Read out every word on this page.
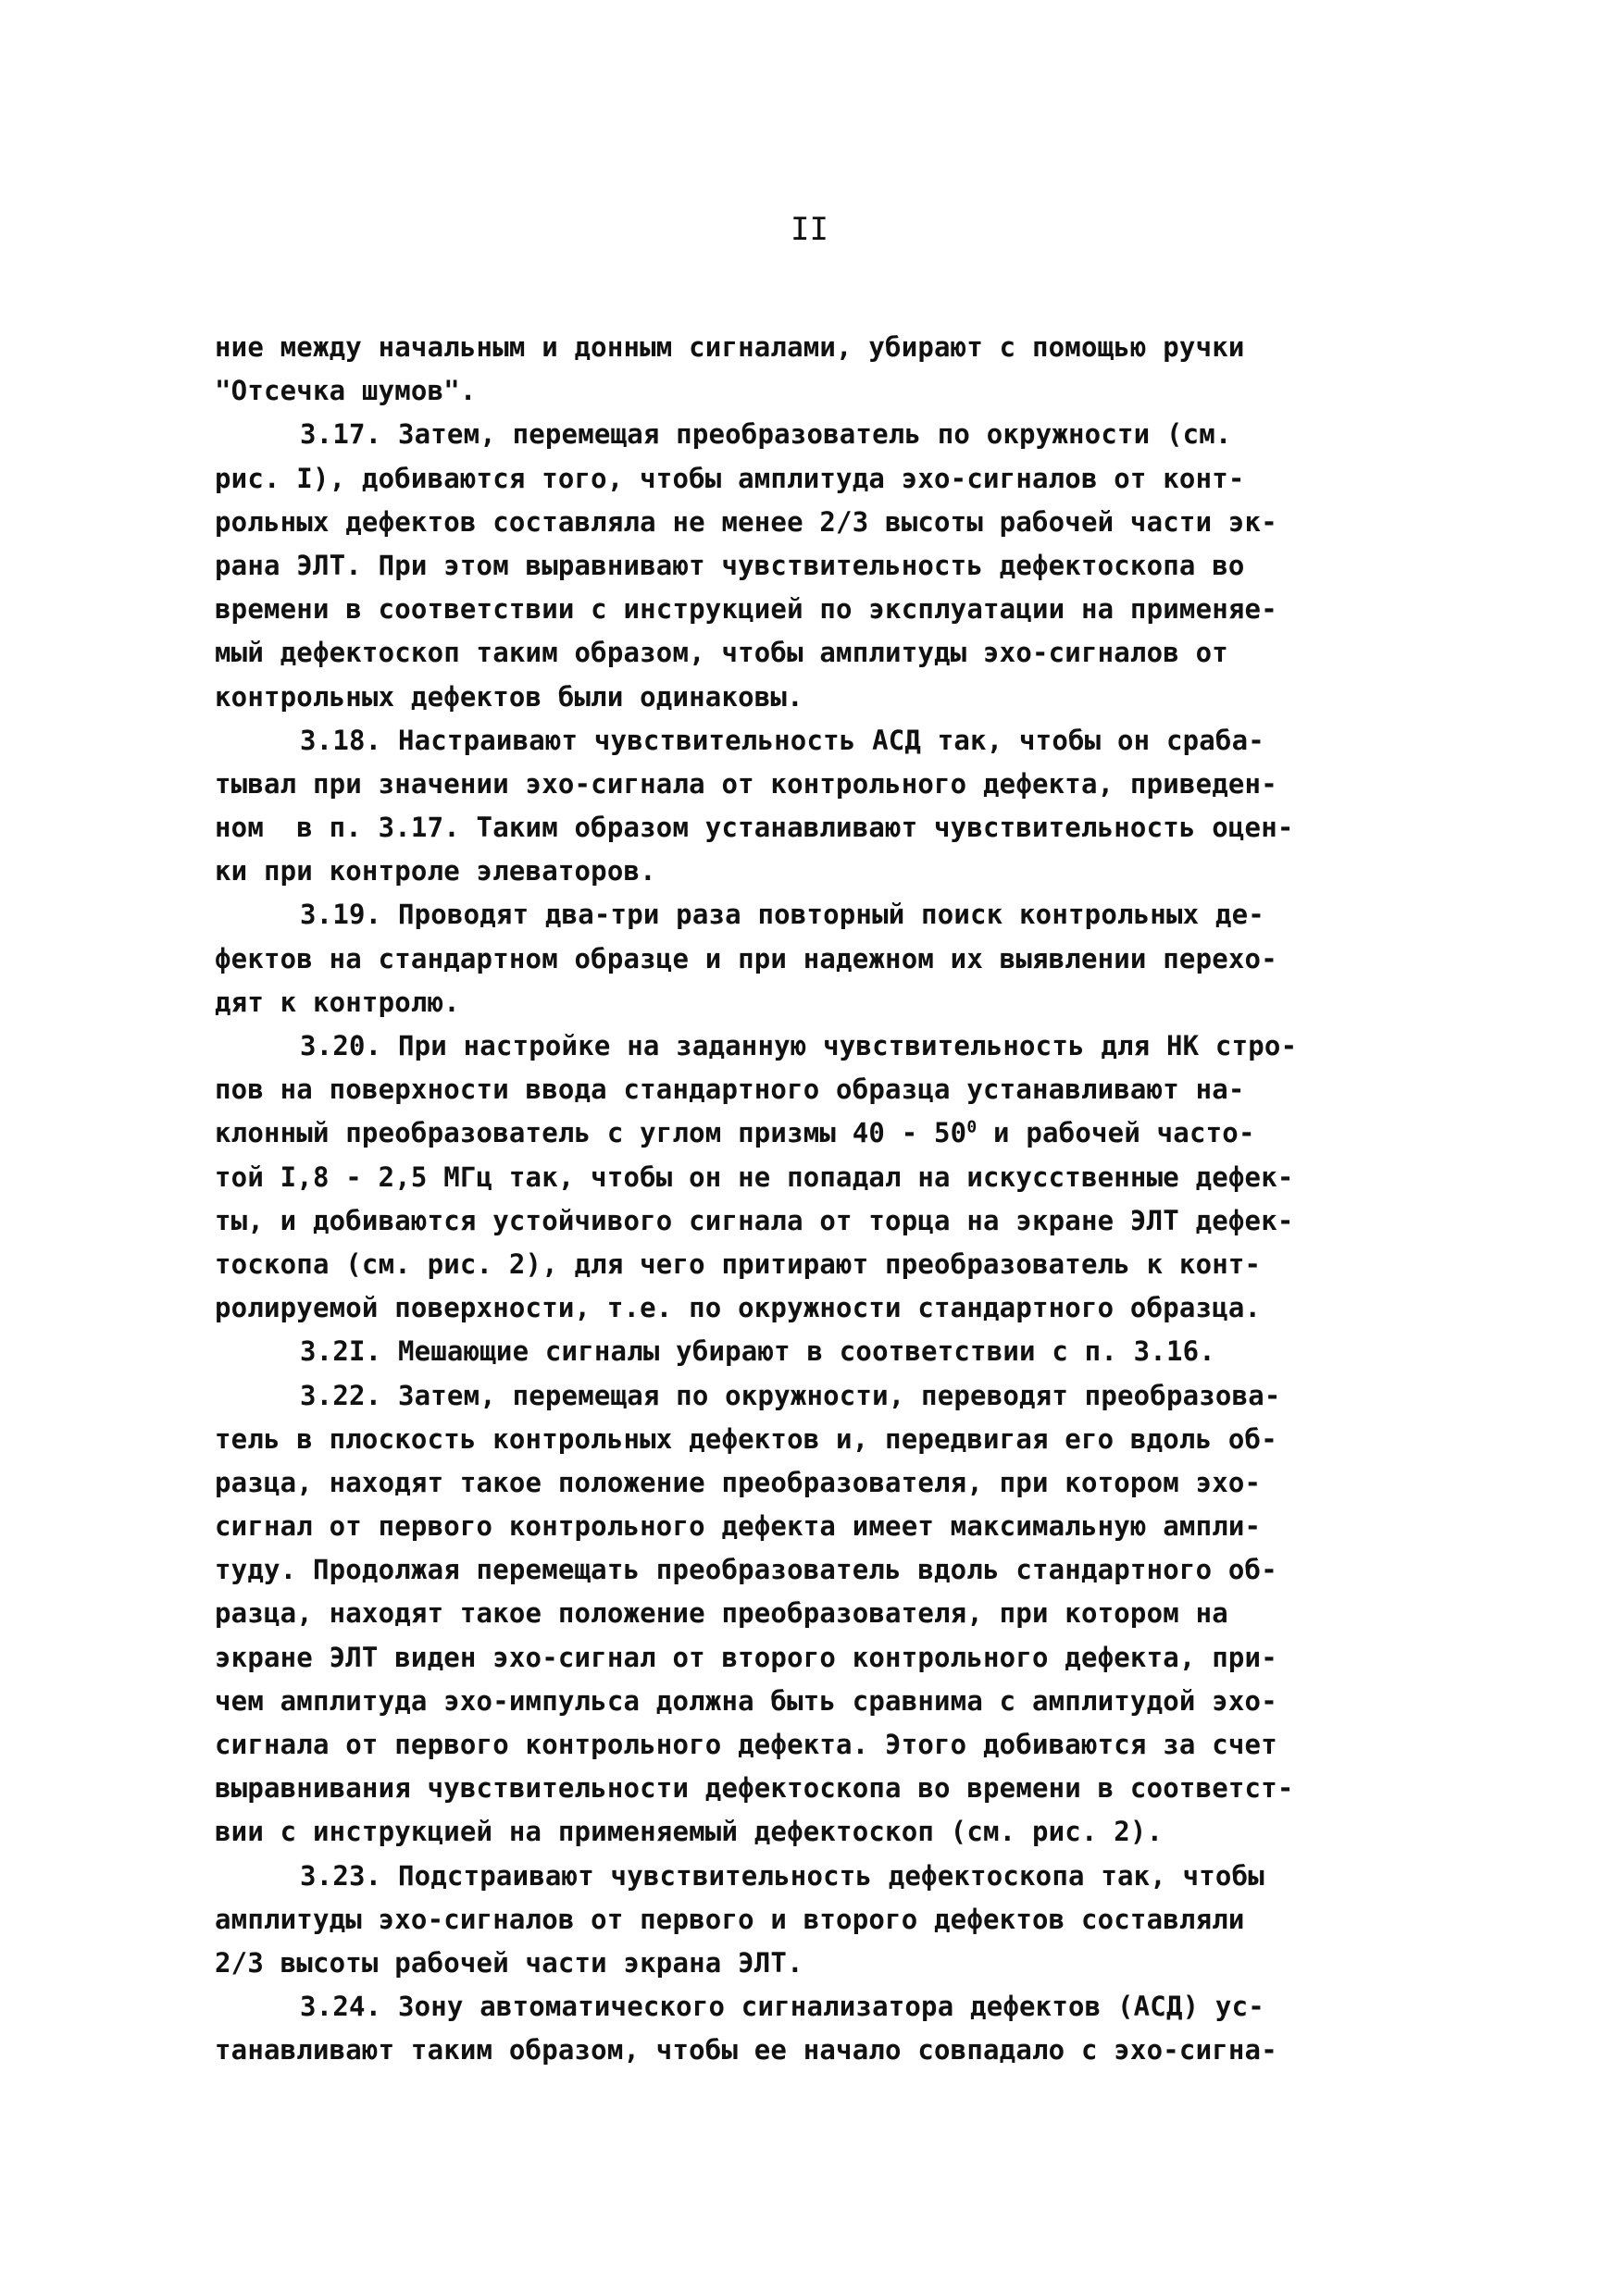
II
ние между начальным и донным сигналами, убирают с помощью ручки
"Отсечка шумов".
3.17. Затем, перемещая преобразователь по окружности (см.
рис. I), добиваются того, чтобы амплитуда эхо-сигналов от конт-
рольных дефектов составляла не менее 2/3 высоты рабочей части эк-
рана ЭЛТ. При этом выравнивают чувствительность дефектоскопа во
времени в соответствии с инструкцией по эксплуатации на применяе-
мый дефектоскоп таким образом, чтобы амплитуды эхо-сигналов от
контрольных дефектов были одинаковы.
3.18. Настраивают чувствительность АСД так, чтобы он сраба-
тывал при значении эхо-сигнала от контрольного дефекта, приведен-
ном  в п. 3.17. Таким образом устанавливают чувствительность оцен-
ки при контроле элеваторов.
3.19. Проводят два-три раза повторный поиск контрольных де-
фектов на стандартном образце и при надежном их выявлении перехо-
дят к контролю.
3.20. При настройке на заданную чувствительность для НК стро-
пов на поверхности ввода стандартного образца устанавливают на-
клонный преобразователь с углом призмы $40 - 50^0$ и рабочей часто-
той I,8 - 2,5 МГц так, чтобы он не попадал на искусственные дефек-
ты, и добиваются устойчивого сигнала от торца на экране ЭЛТ дефек-
тоскопа (см. рис. 2), для чего притирают преобразователь к конт-
ролируемой поверхности, т.е. по окружности стандартного образца.
3.2I. Мешающие сигналы убирают в соответствии с п. 3.16.
3.22. Затем, перемещая по окружности, переводят преобразова-
тель в плоскость контрольных дефектов и, передвигая его вдоль об-
разца, находят такое положение преобразователя, при котором эхо-
сигнал от первого контрольного дефекта имеет максимальную ампли-
туду. Продолжая перемещать преобразователь вдоль стандартного об-
разца, находят такое положение преобразователя, при котором на
экране ЭЛТ виден эхо-сигнал от второго контрольного дефекта, при-
чем амплитуда эхо-импульса должна быть сравнима с амплитудой эхо-
сигнала от первого контрольного дефекта. Этого добиваются за счет
выравнивания чувствительности дефектоскопа во времени в соответст-
вии с инструкцией на применяемый дефектоскоп (см. рис. 2).
3.23. Подстраивают чувствительность дефектоскопа так, чтобы
амплитуды эхо-сигналов от первого и второго дефектов составляли
2/3 высоты рабочей части экрана ЭЛТ.
3.24. Зону автоматического сигнализатора дефектов (АСД) ус-
танавливают таким образом, чтобы ее начало совпадало с эхо-сигна-
